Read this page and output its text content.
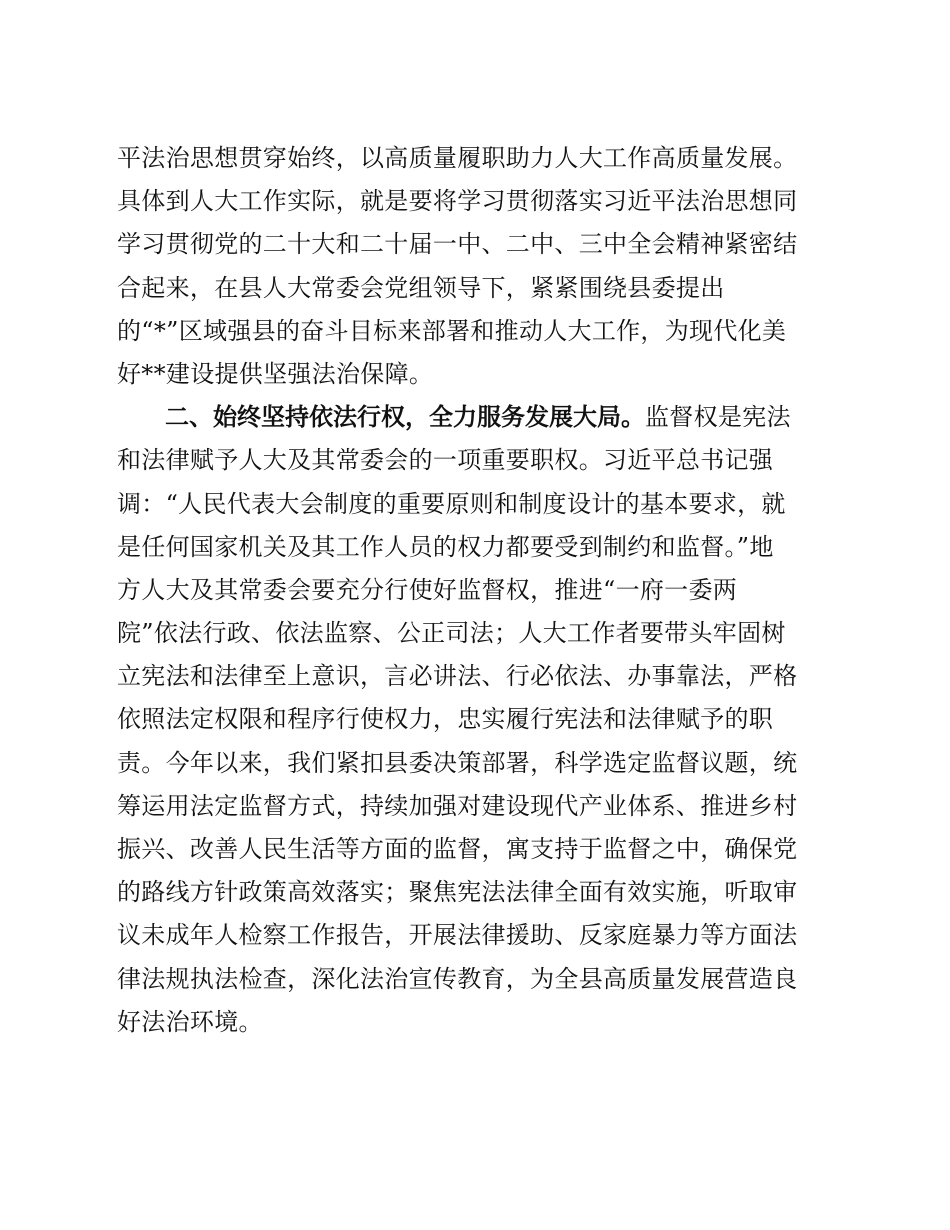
平法治思想贯穿始终，以高质量履职助力人大工作高质量发展。
具体到人大工作实际，就是要将学习贯彻落实习近平法治思想同
学习贯彻党的二十大和二十届一中、二中、三中全会精神紧密结
合起来，在县人大常委会党组领导下，紧紧围绕县委提出
的“*”区域强县的奋斗目标来部署和推动人大工作，为现代化美
好**建设提供坚强法治保障。
二、始终坚持依法行权，全力服务发展大局。监督权是宪法
和法律赋予人大及其常委会的一项重要职权。习近平总书记强
调：“人民代表大会制度的重要原则和制度设计的基本要求，就
是任何国家机关及其工作人员的权力都要受到制约和监督。”地
方人大及其常委会要充分行使好监督权，推进“一府一委两
院”依法行政、依法监察、公正司法；人大工作者要带头牢固树
立宪法和法律至上意识，言必讲法、行必依法、办事靠法，严格
依照法定权限和程序行使权力，忠实履行宪法和法律赋予的职
责。今年以来，我们紧扣县委决策部署，科学选定监督议题，统
筹运用法定监督方式，持续加强对建设现代产业体系、推进乡村
振兴、改善人民生活等方面的监督，寓支持于监督之中，确保党
的路线方针政策高效落实；聚焦宪法法律全面有效实施，听取审
议未成年人检察工作报告，开展法律援助、反家庭暴力等方面法
律法规执法检查，深化法治宣传教育，为全县高质量发展营造良
好法治环境。
